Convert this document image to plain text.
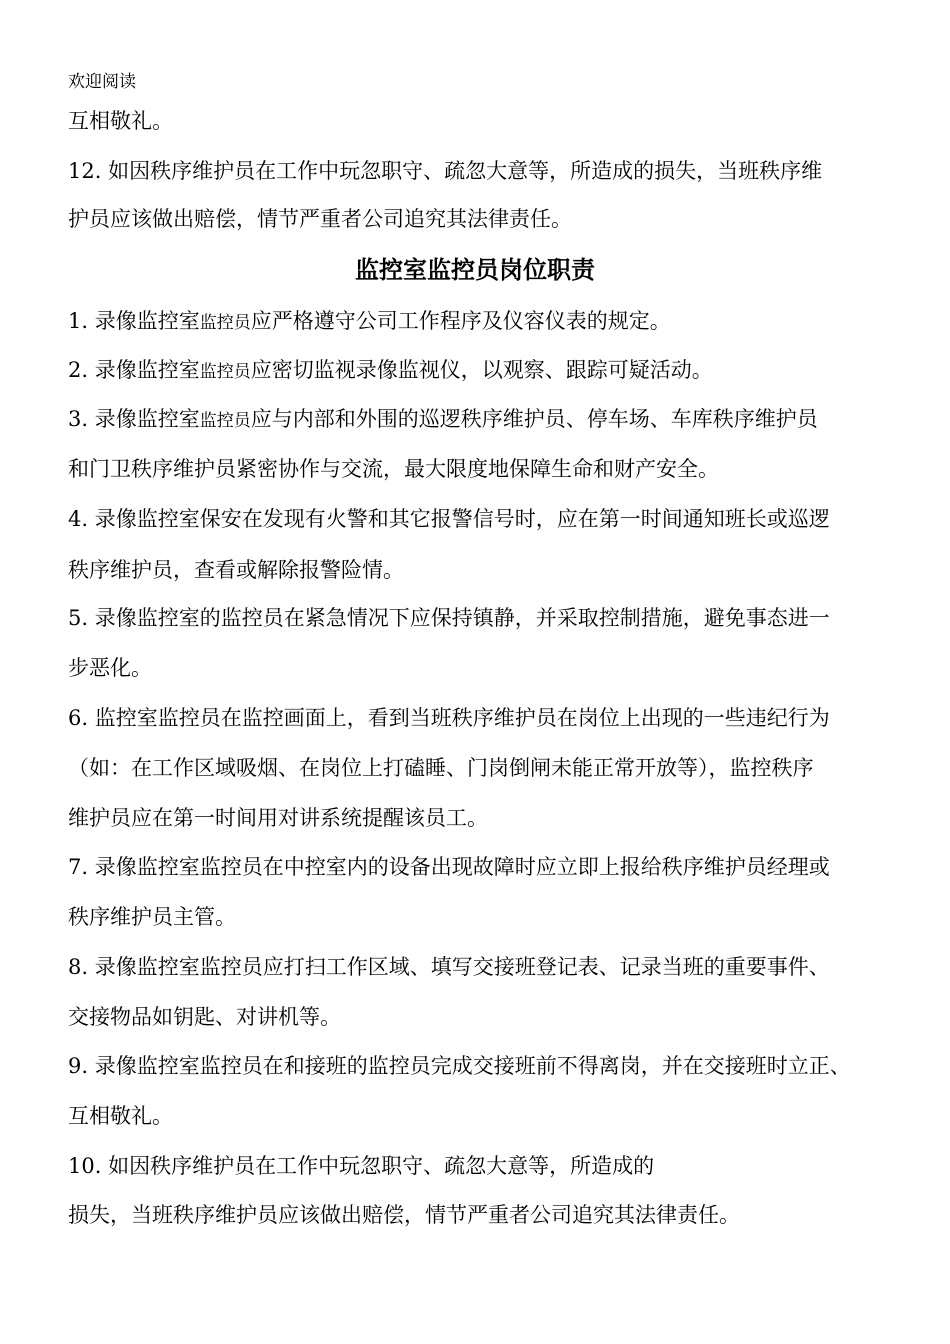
欢迎阅读
互相敬礼。
12. 如因秩序维护员在工作中玩忽职守、疏忽大意等，所造成的损失，当班秩序维
护员应该做出赔偿，情节严重者公司追究其法律责任。
监控室监控员岗位职责
1. 录像监控室监控员应严格遵守公司工作程序及仪容仪表的规定。
2. 录像监控室监控员应密切监视录像监视仪，以观察、跟踪可疑活动。
3. 录像监控室监控员应与内部和外围的巡逻秩序维护员、停车场、车库秩序维护员
和门卫秩序维护员紧密协作与交流，最大限度地保障生命和财产安全。
4. 录像监控室保安在发现有火警和其它报警信号时，应在第一时间通知班长或巡逻
秩序维护员，查看或解除报警险情。
5. 录像监控室的监控员在紧急情况下应保持镇静，并采取控制措施，避免事态进一
步恶化。
6. 监控室监控员在监控画面上，看到当班秩序维护员在岗位上出现的一些违纪行为
（如：在工作区域吸烟、在岗位上打磕睡、门岗倒闸未能正常开放等），监控秩序
维护员应在第一时间用对讲系统提醒该员工。
7. 录像监控室监控员在中控室内的设备出现故障时应立即上报给秩序维护员经理或
秩序维护员主管。
8. 录像监控室监控员应打扫工作区域、填写交接班登记表、记录当班的重要事件、
交接物品如钥匙、对讲机等。
9. 录像监控室监控员在和接班的监控员完成交接班前不得离岗，并在交接班时立正、
互相敬礼。
10. 如因秩序维护员在工作中玩忽职守、疏忽大意等，所造成的
损失，当班秩序维护员应该做出赔偿，情节严重者公司追究其法律责任。
